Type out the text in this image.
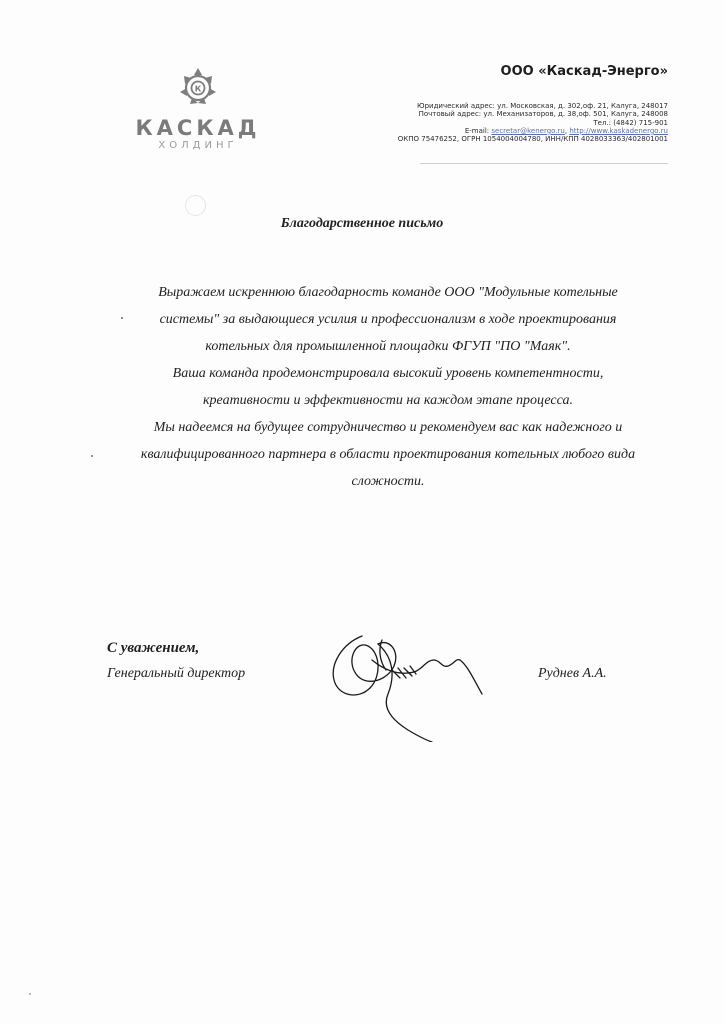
К
КАСКАД
ХОЛДИНГ
ООО «Каскад-Энерго»
Юридический адрес: ул. Московская, д. 302,оф. 21, Калуга, 248017
Почтовый адрес: ул. Механизаторов, д. 38,оф. 501, Калуга, 248008
Тел.: (4842) 715-901
E-mail: secretar@kenergo.ru, http://www.kaskadenergo.ru
ОКПО 75476252, ОГРН 1054004004780, ИНН/КПП 4028033363/402801001
Благодарственное письмо

Выражаем искреннюю благодарность команде ООО "Модульные котельные

системы" за выдающиеся усилия и профессионализм в ходе проектирования

котельных для промышленной площадки ФГУП "ПО "Маяк".

Ваша команда продемонстрировала высокий уровень компетентности,

креативности и эффективности на каждом этапе процесса.

Мы надеемся на будущее сотрудничество и рекомендуем вас как надежного и

квалифицированного партнера в области проектирования котельных любого вида

сложности.

С уважением,
Генеральный директор	Руднев А.А.
